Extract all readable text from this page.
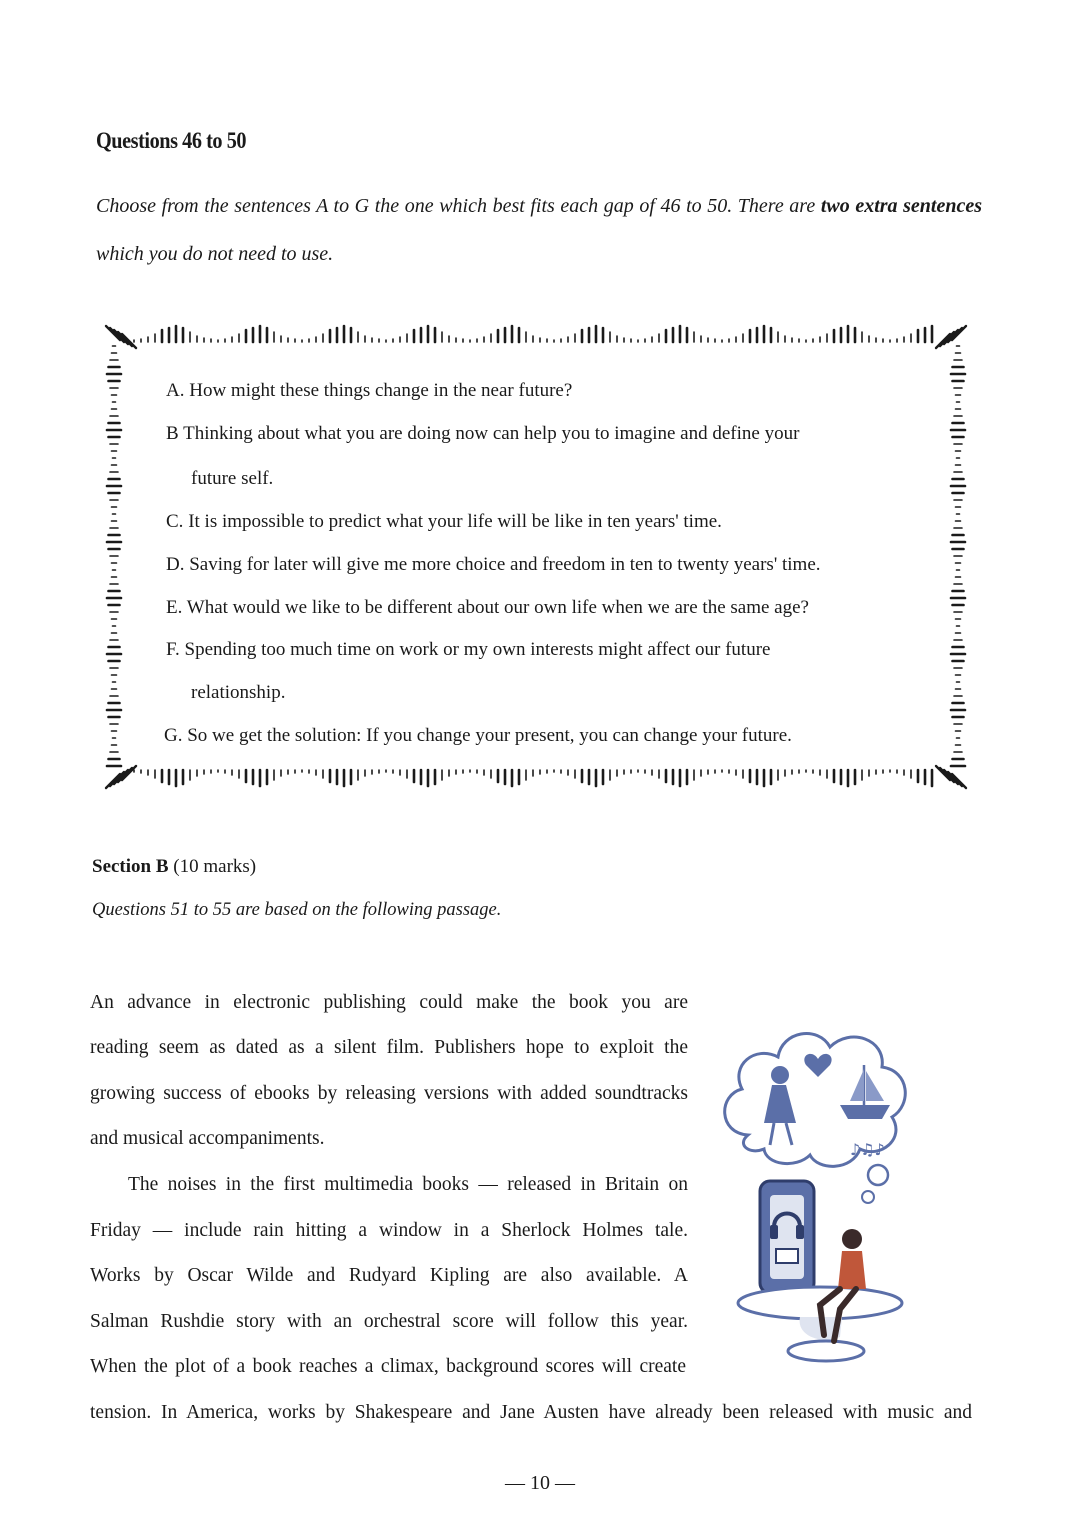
Questions 46 to 50
Choose from the sentences A to G the one which best fits each gap of 46 to 50. There are two extra sentences which you do not need to use.
A. How might these things change in the near future?
B Thinking about what you are doing now can help you to imagine and define your
future self.
C. It is impossible to predict what your life will be like in ten years' time.
D. Saving for later will give me more choice and freedom in ten to twenty years' time.
E. What would we like to be different about our own life when we are the same age?
F. Spending too much time on work or my own interests might affect our future
relationship.
G. So we get the solution: If you change your present, you can change your future.
Section B (10 marks)
Questions 51 to 55 are based on the following passage.
An advance in electronic publishing could make the book you are
reading seem as dated as a silent film. Publishers hope to exploit the
growing success of ebooks by releasing versions with added soundtracks
and musical accompaniments.
The noises in the first multimedia books — released in Britain on
Friday — include rain hitting a window in a Sherlock Holmes tale.
Works by Oscar Wilde and Rudyard Kipling are also available. A
Salman Rushdie story with an orchestral score will follow this year.
When the plot of a book reaches a climax, background scores will create
tension. In America, works by Shakespeare and Jane Austen have already been released with music and
♪♫♪
— 10 —
